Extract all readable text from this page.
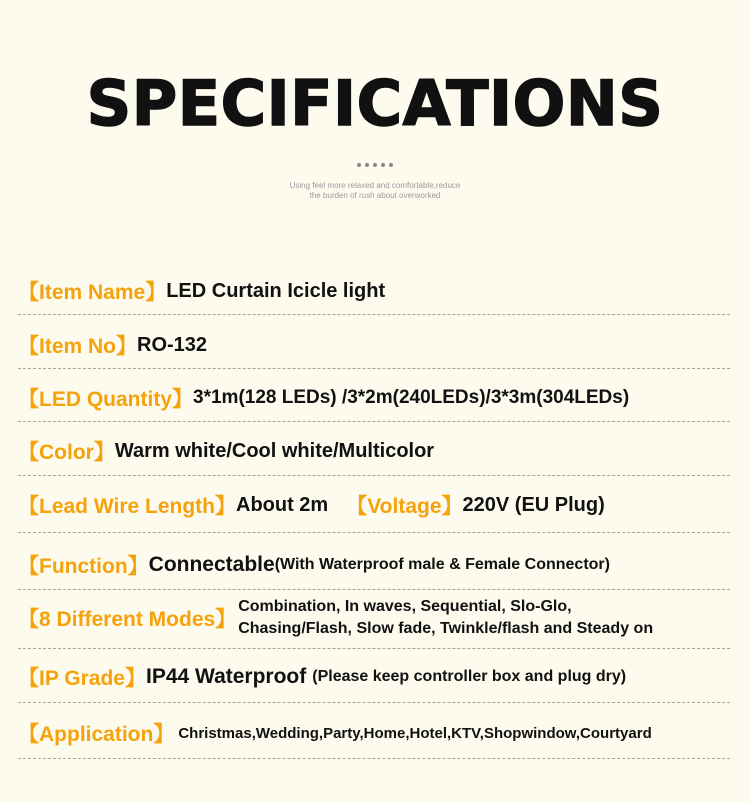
SPECIFICATIONS
Using feel more relaxed and comfortable,reduce
the burden of rush about overworked
【Item Name】 LED Curtain Icicle light
【Item No】 RO-132
【LED Quantity】 3*1m(128 LEDs) /3*2m(240LEDs)/3*3m(304LEDs)
【Color】 Warm white/Cool white/Multicolor
【Lead Wire Length】 About 2m 【Voltage】 220V (EU Plug)
【Function】 Connectable (With Waterproof male & Female Connector)
【8 Different Modes】
Combination, In waves, Sequential, Slo-Glo,
Chasing/Flash, Slow fade, Twinkle/flash and Steady on
【IP Grade】 IP44 Waterproof (Please keep controller box and plug dry)
【Application】 Christmas,Wedding,Party,Home,Hotel,KTV,Shopwindow,Courtyard
